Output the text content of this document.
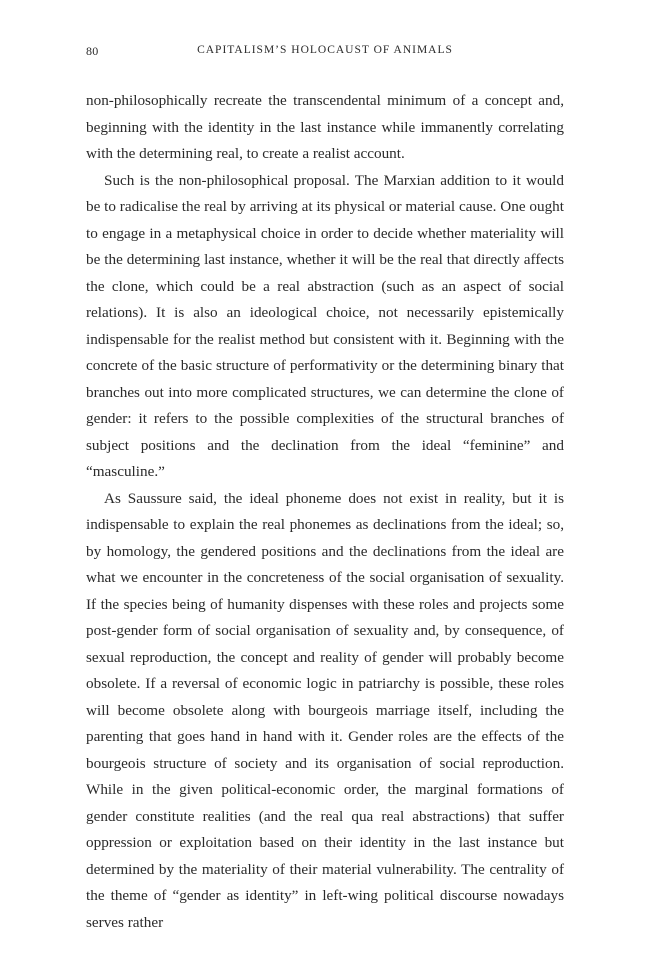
80	CAPITALISM’S HOLOCAUST OF ANIMALS

non-philosophically recreate the transcendental minimum of a concept and, beginning with the identity in the last instance while immanently correlating with the determining real, to create a realist account.

Such is the non-philosophical proposal. The Marxian addition to it would be to radicalise the real by arriving at its physical or material cause. One ought to engage in a metaphysical choice in order to decide whether materiality will be the determining last instance, whether it will be the real that directly affects the clone, which could be a real abstraction (such as an aspect of social relations). It is also an ideological choice, not necessarily epistemically indispensable for the realist method but consistent with it. Beginning with the concrete of the basic structure of performativity or the determining binary that branches out into more complicated structures, we can determine the clone of gender: it refers to the possible complexities of the structural branches of subject positions and the declination from the ideal “feminine” and “masculine.”

As Saussure said, the ideal phoneme does not exist in reality, but it is indispensable to explain the real phonemes as declinations from the ideal; so, by homology, the gendered positions and the declinations from the ideal are what we encounter in the concreteness of the social organisation of sexuality. If the species being of humanity dispenses with these roles and projects some post-gender form of social organisation of sexuality and, by consequence, of sexual reproduction, the concept and reality of gender will probably become obsolete. If a reversal of economic logic in patriarchy is possible, these roles will become obsolete along with bourgeois marriage itself, including the parenting that goes hand in hand with it. Gender roles are the effects of the bourgeois structure of society and its organisation of social reproduction. While in the given political-economic order, the marginal formations of gender constitute realities (and the real qua real abstractions) that suffer oppression or exploitation based on their identity in the last instance but determined by the materiality of their material vulnerability. The centrality of the theme of “gender as identity” in left-wing political discourse nowadays serves rather
